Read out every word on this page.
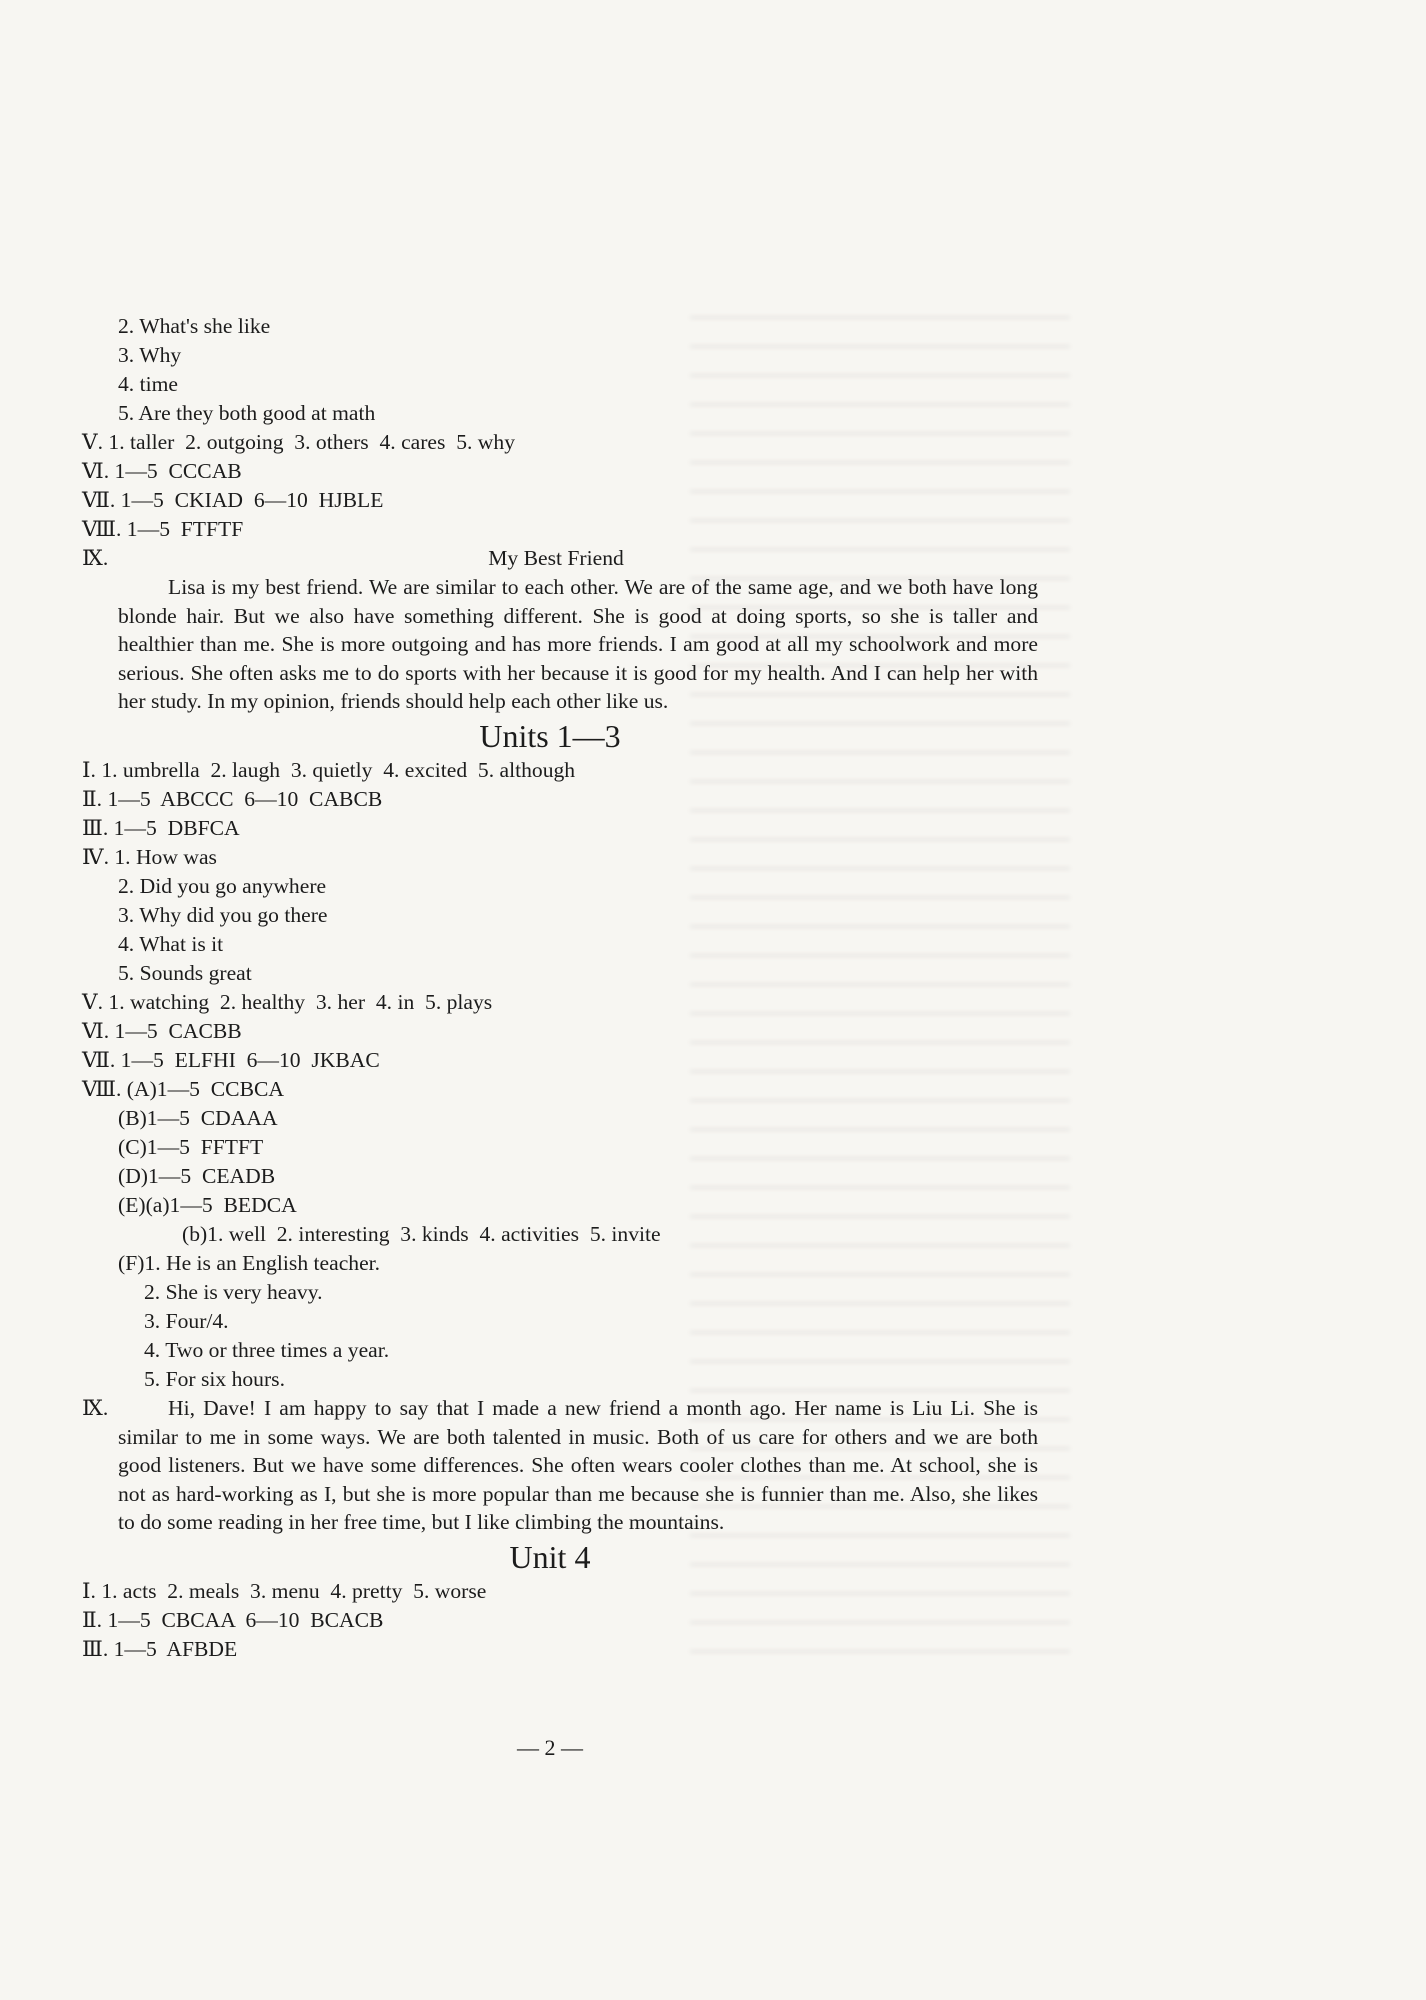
2. What's she like
3. Why
4. time
5. Are they both good at math
Ⅴ. 1. taller  2. outgoing  3. others  4. cares  5. why
Ⅵ. 1—5  CCCAB
Ⅶ. 1—5  CKIAD  6—10  HJBLE
Ⅷ. 1—5  FTFTF
Ⅸ.	My Best Friend
Lisa is my best friend. We are similar to each other. We are of the same age, and we both have long blonde hair. But we also have something different. She is good at doing sports, so she is taller and healthier than me. She is more outgoing and has more friends. I am good at all my schoolwork and more serious. She often asks me to do sports with her because it is good for my health. And I can help her with her study. In my opinion, friends should help each other like us.
Units 1—3
Ⅰ. 1. umbrella  2. laugh  3. quietly  4. excited  5. although
Ⅱ. 1—5  ABCCC  6—10  CABCB
Ⅲ. 1—5  DBFCA
Ⅳ. 1. How was
2. Did you go anywhere
3. Why did you go there
4. What is it
5. Sounds great
Ⅴ. 1. watching  2. healthy  3. her  4. in  5. plays
Ⅵ. 1—5  CACBB
Ⅶ. 1—5  ELFHI  6—10  JKBAC
Ⅷ. (A)1—5  CCBCA
(B)1—5  CDAAA
(C)1—5  FFTFT
(D)1—5  CEADB
(E)(a)1—5  BEDCA
(b)1. well  2. interesting  3. kinds  4. activities  5. invite
(F)1. He is an English teacher.
2. She is very heavy.
3. Four/4.
4. Two or three times a year.
5. For six hours.
Ⅸ.	Hi, Dave! I am happy to say that I made a new friend a month ago. Her name is Liu Li. She is similar to me in some ways. We are both talented in music. Both of us care for others and we are both good listeners. But we have some differences. She often wears cooler clothes than me. At school, she is not as hard-working as I, but she is more popular than me because she is funnier than me. Also, she likes to do some reading in her free time, but I like climbing the mountains.
Unit 4
Ⅰ. 1. acts  2. meals  3. menu  4. pretty  5. worse
Ⅱ. 1—5  CBCAA  6—10  BCACB
Ⅲ. 1—5  AFBDE
— 2 —
